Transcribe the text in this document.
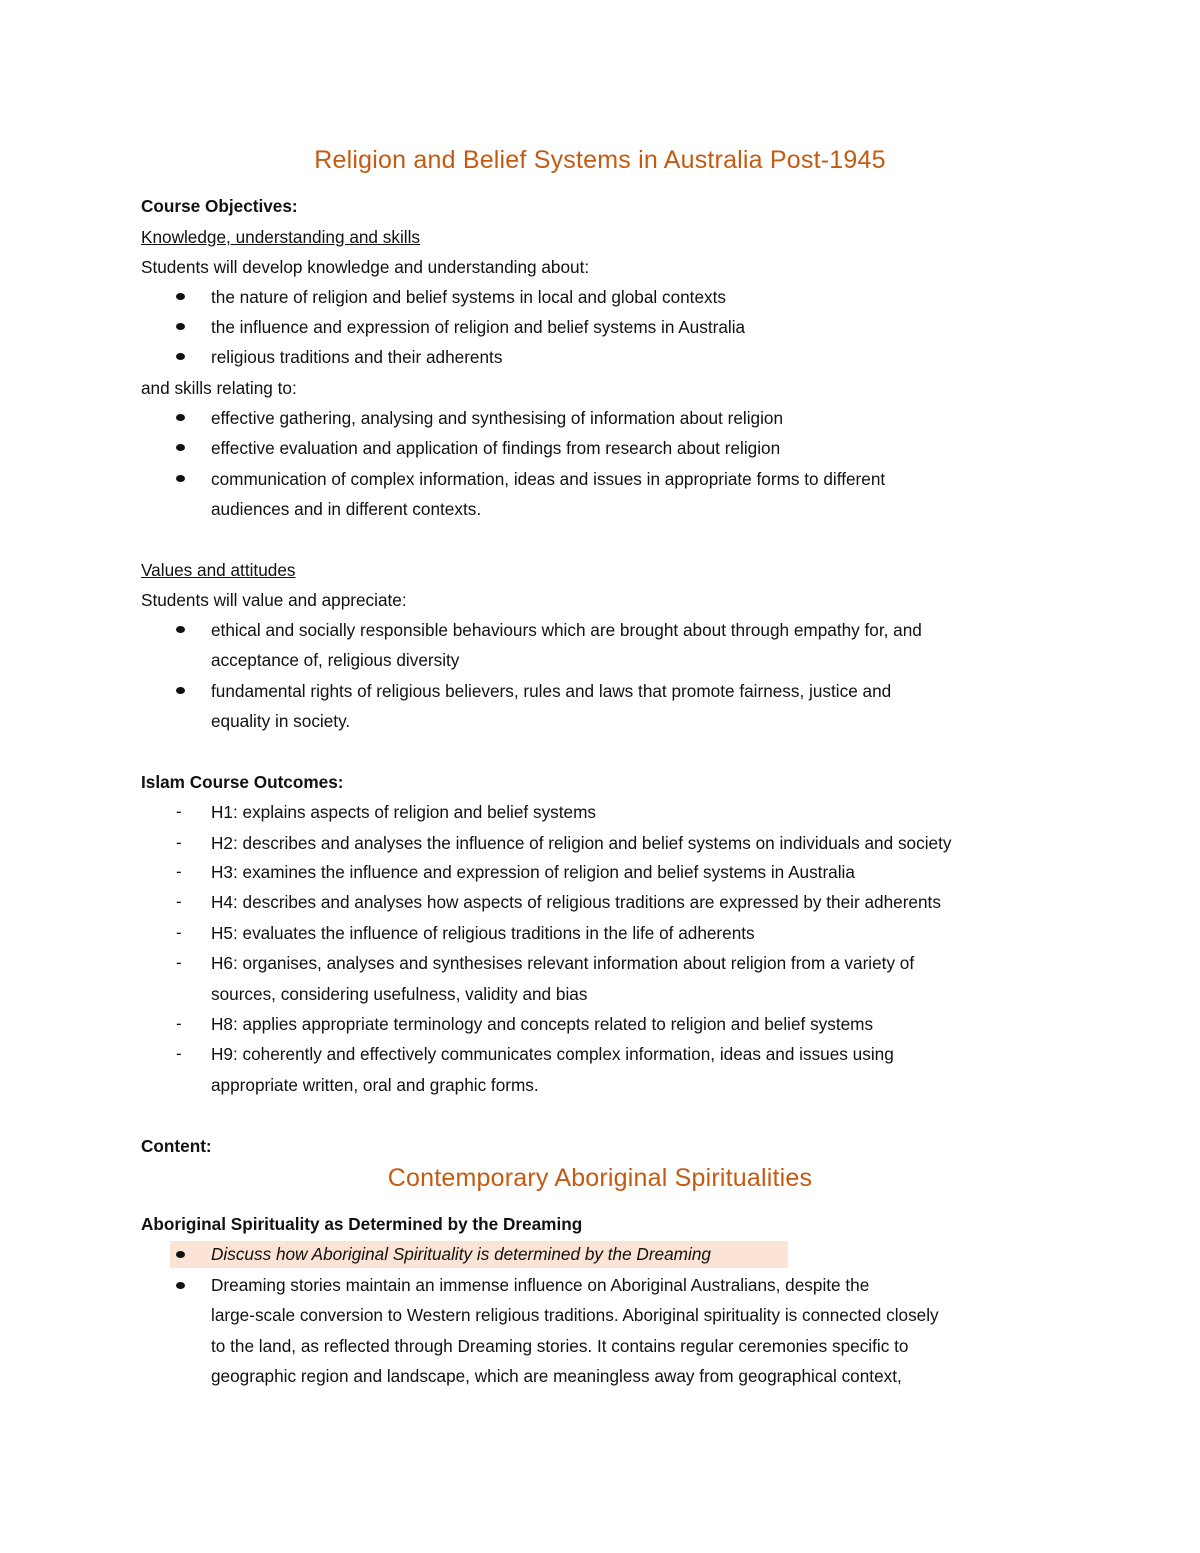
Religion and Belief Systems in Australia Post-1945

Course Objectives:

Knowledge, understanding and skills

Students will develop knowledge and understanding about:

the nature of religion and belief systems in local and global contexts

the influence and expression of religion and belief systems in Australia

religious traditions and their adherents

and skills relating to:

effective gathering, analysing and synthesising of information about religion

effective evaluation and application of findings from research about religion

communication of complex information, ideas and issues in appropriate forms to different

audiences and in different contexts.

Values and attitudes

Students will value and appreciate:

ethical and socially responsible behaviours which are brought about through empathy for, and

acceptance of, religious diversity

fundamental rights of religious believers, rules and laws that promote fairness, justice and

equality in society.

Islam Course Outcomes:

- H1: explains aspects of religion and belief systems

- H2: describes and analyses the influence of religion and belief systems on individuals and society

- H3: examines the influence and expression of religion and belief systems in Australia

- H4: describes and analyses how aspects of religious traditions are expressed by their adherents

- H5: evaluates the influence of religious traditions in the life of adherents

- H6: organises, analyses and synthesises relevant information about religion from a variety of

sources, considering usefulness, validity and bias

- H8: applies appropriate terminology and concepts related to religion and belief systems

- H9: coherently and effectively communicates complex information, ideas and issues using

appropriate written, oral and graphic forms.

Content:

Contemporary Aboriginal Spiritualities

Aboriginal Spirituality as Determined by the Dreaming

Discuss how Aboriginal Spirituality is determined by the Dreaming

Dreaming stories maintain an immense influence on Aboriginal Australians, despite the

large-scale conversion to Western religious traditions. Aboriginal spirituality is connected closely

to the land, as reflected through Dreaming stories. It contains regular ceremonies specific to

geographic region and landscape, which are meaningless away from geographical context,
